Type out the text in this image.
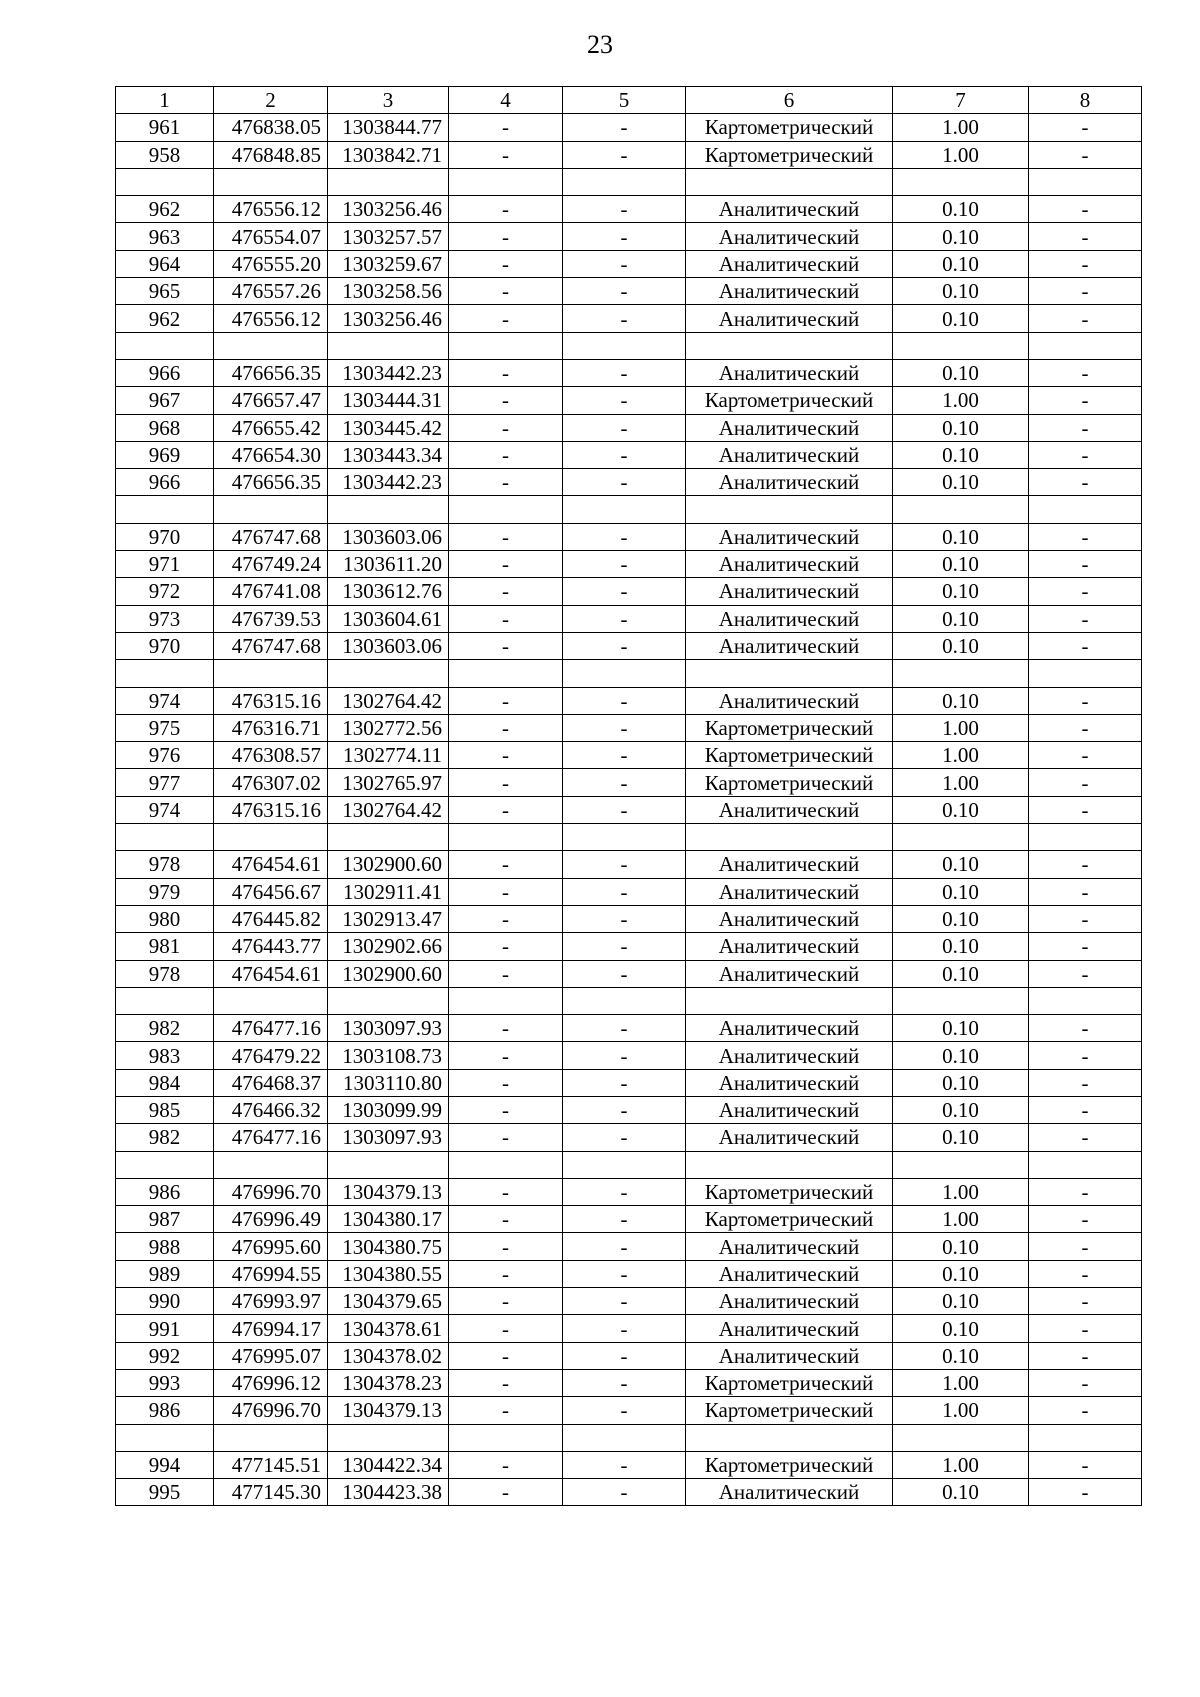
23
1	2	3	4	5	6	7	8
961	476838.05	1303844.77	-	-	Картометрический	1.00	-
958	476848.85	1303842.71	-	-	Картометрический	1.00	-

962	476556.12	1303256.46	-	-	Аналитический	0.10	-
963	476554.07	1303257.57	-	-	Аналитический	0.10	-
964	476555.20	1303259.67	-	-	Аналитический	0.10	-
965	476557.26	1303258.56	-	-	Аналитический	0.10	-
962	476556.12	1303256.46	-	-	Аналитический	0.10	-

966	476656.35	1303442.23	-	-	Аналитический	0.10	-
967	476657.47	1303444.31	-	-	Картометрический	1.00	-
968	476655.42	1303445.42	-	-	Аналитический	0.10	-
969	476654.30	1303443.34	-	-	Аналитический	0.10	-
966	476656.35	1303442.23	-	-	Аналитический	0.10	-

970	476747.68	1303603.06	-	-	Аналитический	0.10	-
971	476749.24	1303611.20	-	-	Аналитический	0.10	-
972	476741.08	1303612.76	-	-	Аналитический	0.10	-
973	476739.53	1303604.61	-	-	Аналитический	0.10	-
970	476747.68	1303603.06	-	-	Аналитический	0.10	-

974	476315.16	1302764.42	-	-	Аналитический	0.10	-
975	476316.71	1302772.56	-	-	Картометрический	1.00	-
976	476308.57	1302774.11	-	-	Картометрический	1.00	-
977	476307.02	1302765.97	-	-	Картометрический	1.00	-
974	476315.16	1302764.42	-	-	Аналитический	0.10	-

978	476454.61	1302900.60	-	-	Аналитический	0.10	-
979	476456.67	1302911.41	-	-	Аналитический	0.10	-
980	476445.82	1302913.47	-	-	Аналитический	0.10	-
981	476443.77	1302902.66	-	-	Аналитический	0.10	-
978	476454.61	1302900.60	-	-	Аналитический	0.10	-

982	476477.16	1303097.93	-	-	Аналитический	0.10	-
983	476479.22	1303108.73	-	-	Аналитический	0.10	-
984	476468.37	1303110.80	-	-	Аналитический	0.10	-
985	476466.32	1303099.99	-	-	Аналитический	0.10	-
982	476477.16	1303097.93	-	-	Аналитический	0.10	-

986	476996.70	1304379.13	-	-	Картометрический	1.00	-
987	476996.49	1304380.17	-	-	Картометрический	1.00	-
988	476995.60	1304380.75	-	-	Аналитический	0.10	-
989	476994.55	1304380.55	-	-	Аналитический	0.10	-
990	476993.97	1304379.65	-	-	Аналитический	0.10	-
991	476994.17	1304378.61	-	-	Аналитический	0.10	-
992	476995.07	1304378.02	-	-	Аналитический	0.10	-
993	476996.12	1304378.23	-	-	Картометрический	1.00	-
986	476996.70	1304379.13	-	-	Картометрический	1.00	-

994	477145.51	1304422.34	-	-	Картометрический	1.00	-
995	477145.30	1304423.38	-	-	Аналитический	0.10	-
